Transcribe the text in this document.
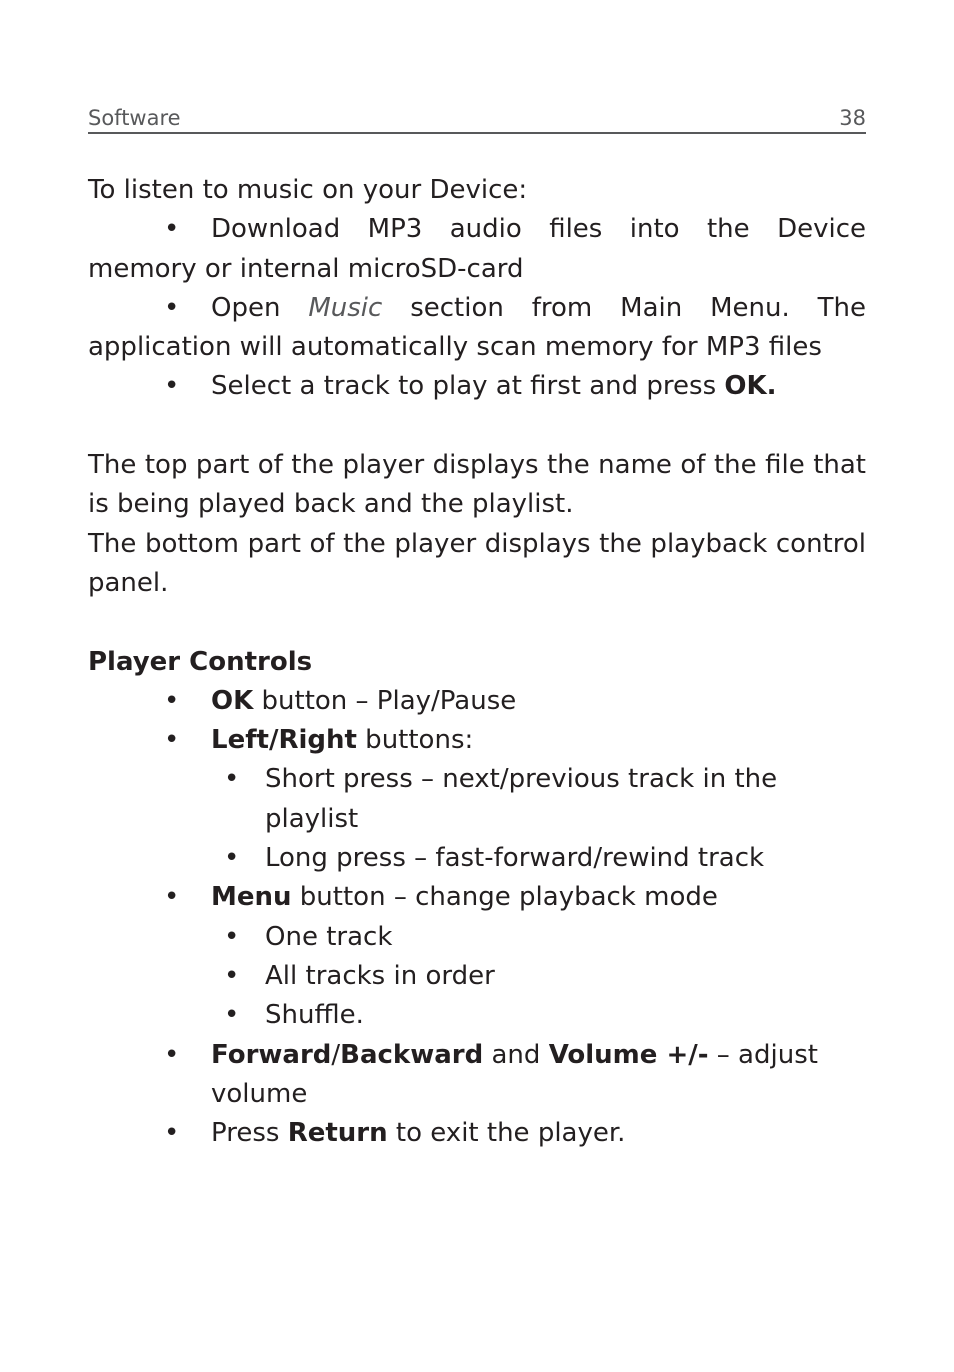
Software	38

To listen to music on your Device:

• Download MP3 audio files into the Device memory or internal microSD-card

• Open Music section from Main Menu. The application will automatically scan memory for MP3 files

• Select a track to play at first and press OK.

The top part of the player displays the name of the file that is being played back and the playlist.

The bottom part of the player displays the playback control panel.

Player Controls

• OK button – Play/Pause

• Left/Right buttons:

• Short press – next/previous track in the playlist

• Long press – fast-forward/rewind track

• Menu button – change playback mode

• One track

• All tracks in order

• Shuffle.

• Forward/Backward and Volume +/- – adjust volume

• Press Return to exit the player.
